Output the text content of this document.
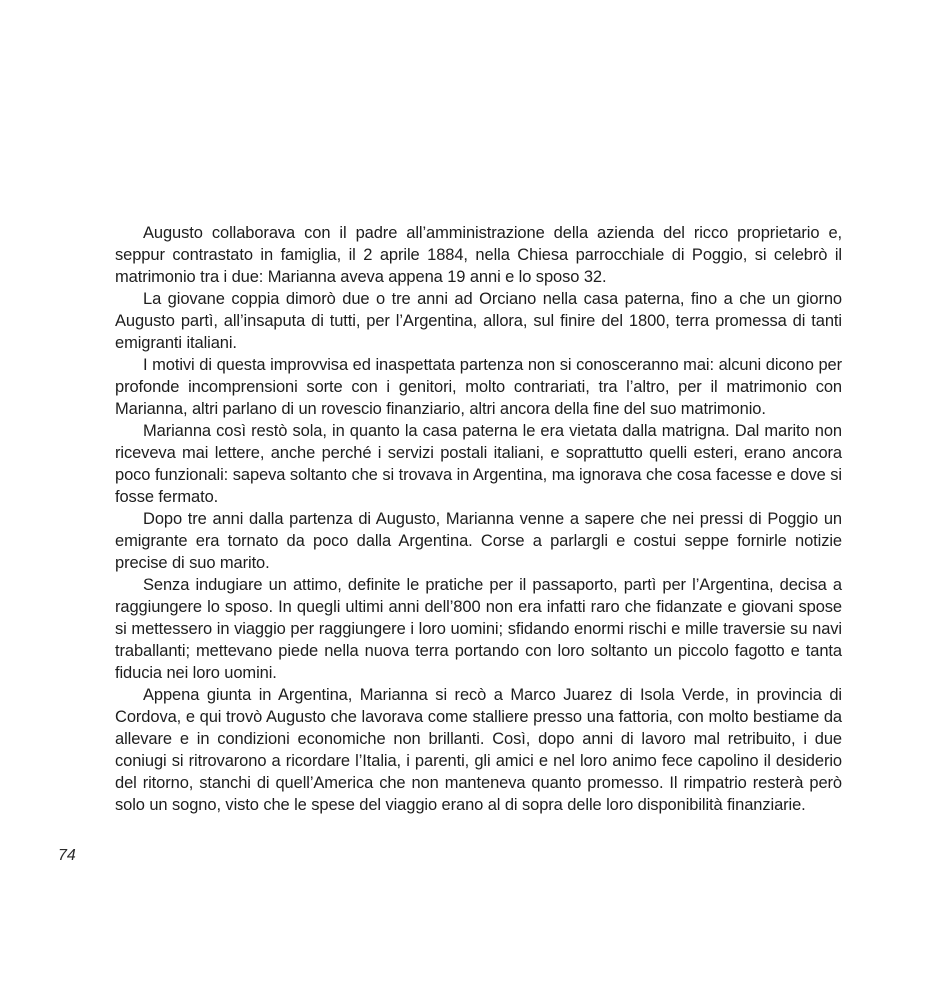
74

Augusto collaborava con il padre all’amministrazione della azienda del ricco proprietario e, seppur contrastato in famiglia, il 2 aprile 1884, nella Chiesa parrocchiale di Poggio, si celebrò il matrimonio tra i due: Marianna aveva appena 19 anni e lo sposo 32.

La giovane coppia dimorò due o tre anni ad Orciano nella casa paterna, fino a che un giorno Augusto partì, all’insaputa di tutti, per l’Argentina, allora, sul finire del 1800, terra promessa di tanti emigranti italiani.

I motivi di questa improvvisa ed inaspettata partenza non si conosceranno mai: alcuni dicono per profonde incomprensioni sorte con i genitori, molto contrariati, tra l’altro, per il matrimonio con Marianna, altri parlano di un rovescio finanziario, altri ancora della fine del suo matrimonio.

Marianna così restò sola, in quanto la casa paterna le era vietata dalla matrigna. Dal marito non riceveva mai lettere, anche perché i servizi postali italiani, e soprattutto quelli esteri, erano ancora poco funzionali: sapeva soltanto che si trovava in Argentina, ma ignorava che cosa facesse e dove si fosse fermato.

Dopo tre anni dalla partenza di Augusto, Marianna venne a sapere che nei pressi di Poggio un emigrante era tornato da poco dalla Argentina. Corse a parlargli e costui seppe fornirle notizie precise di suo marito.

Senza indugiare un attimo, definite le pratiche per il passaporto, partì per l’Argentina, decisa a raggiungere lo sposo. In quegli ultimi anni dell’800 non era infatti raro che fidanzate e giovani spose si mettessero in viaggio per raggiungere i loro uomini; sfidando enormi rischi e mille traversie su navi traballanti; mettevano piede nella nuova terra portando con loro soltanto un piccolo fagotto e tanta fiducia nei loro uomini.

Appena giunta in Argentina, Marianna si recò a Marco Juarez di Isola Verde, in provincia di Cordova, e qui trovò Augusto che lavorava come stalliere presso una fattoria, con molto bestiame da allevare e in condizioni economiche non brillanti. Così, dopo anni di lavoro mal retribuito, i due coniugi si ritrovarono a ricordare l’Italia, i parenti, gli amici e nel loro animo fece capolino il desiderio del ritorno, stanchi di quell’America che non manteneva quanto promesso. Il rimpatrio resterà però solo un sogno, visto che le spese del viaggio erano al di sopra delle loro disponibilità finanziarie.
